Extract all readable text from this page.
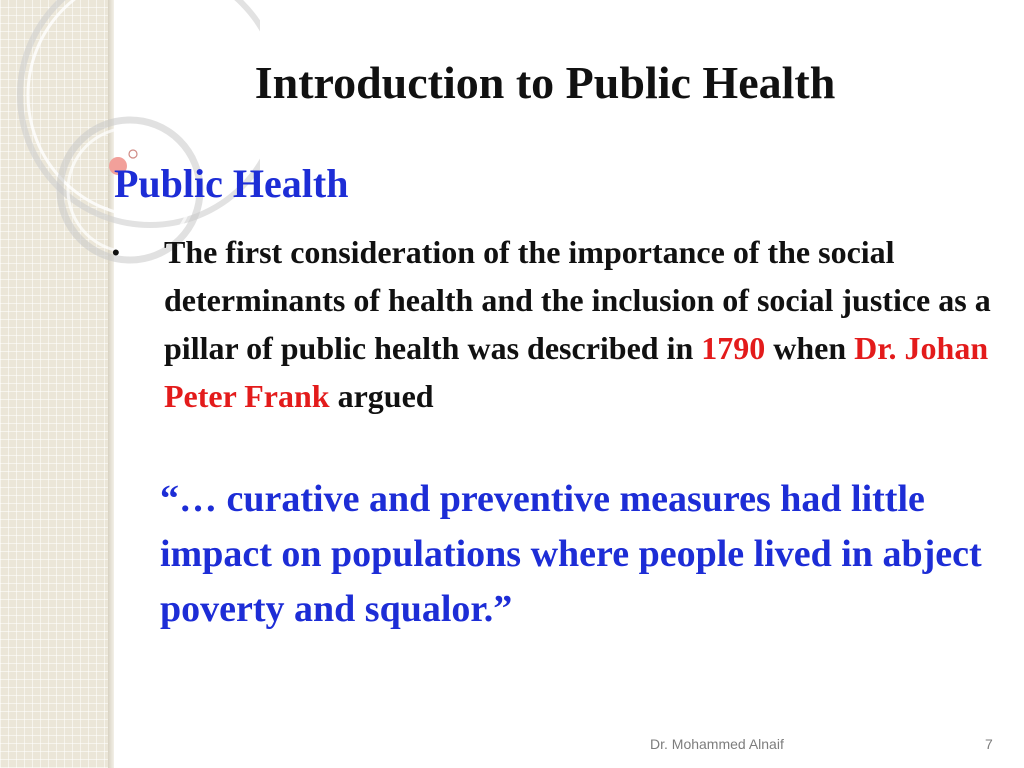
Introduction to Public Health
Public Health
• The first consideration of the importance of the social determinants of health and the inclusion of social justice as a pillar of public health was described in 1790 when Dr. Johan Peter Frank argued

“… curative and preventive measures had little impact on populations where people lived in abject poverty and squalor.”

Dr. Mohammed Alnaif	7
